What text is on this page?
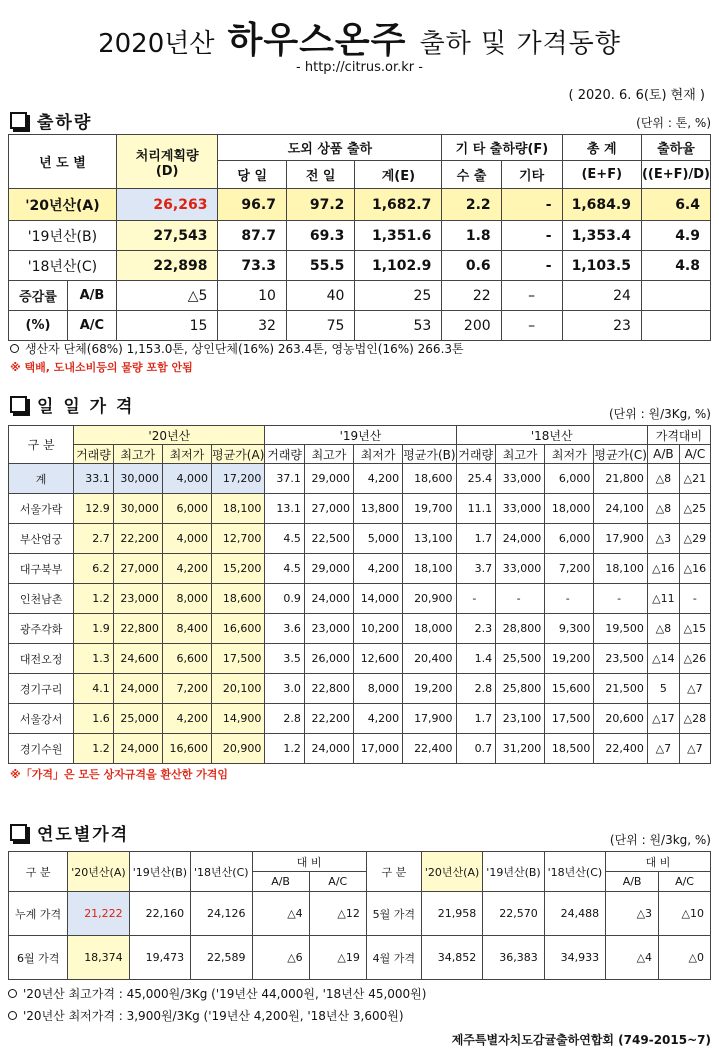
2020년산 하우스온주 출하 및 가격동향
- http://citrus.or.kr -
( 2020. 6. 6(토) 현재 )
출하량	(단위 : 톤, %)
년 도 별		처리계획량
(D)	도외 상품 출하			기 타 출하량(F)		총 계	출하율
			당 일	전 일	계(E)	수 출	기타	(E+F)	((E+F)/D)
'20년산(A)		26,263	96.7	97.2	1,682.7	2.2	-	1,684.9	6.4
'19년산(B)		27,543	87.7	69.3	1,351.6	1.8	-	1,353.4	4.9
'18년산(C)		22,898	73.3	55.5	1,102.9	0.6	-	1,103.5	4.8
증감률	A/B	△5	10	40	25	22	–	24	
(%)	A/C	15	32	75	53	200	–	23	
생산자 단체(68%) 1,153.0톤, 상인단체(16%) 263.4톤, 영농법인(16%) 266.3톤
※ 택배, 도내소비등의 물량 포함 안됨
일 일 가 격	(단위 : 원/3Kg, %)
구 분	'20년산				'19년산				'18년산				가격대비	
	거래량	최고가	최저가	평균가(A)	거래량	최고가	최저가	평균가(B)	거래량	최고가	최저가	평균가(C)	A/B	A/C
계	33.1	30,000	4,000	17,200	37.1	29,000	4,200	18,600	25.4	33,000	6,000	21,800	△8	△21
서울가락	12.9	30,000	6,000	18,100	13.1	27,000	13,800	19,700	11.1	33,000	18,000	24,100	△8	△25
부산엄궁	2.7	22,200	4,000	12,700	4.5	22,500	5,000	13,100	1.7	24,000	6,000	17,900	△3	△29
대구북부	6.2	27,000	4,200	15,200	4.5	29,000	4,200	18,100	3.7	33,000	7,200	18,100	△16	△16
인천남촌	1.2	23,000	8,000	18,600	0.9	24,000	14,000	20,900	-	-	-	-	△11	-
광주각화	1.9	22,800	8,400	16,600	3.6	23,000	10,200	18,000	2.3	28,800	9,300	19,500	△8	△15
대전오정	1.3	24,600	6,600	17,500	3.5	26,000	12,600	20,400	1.4	25,500	19,200	23,500	△14	△26
경기구리	4.1	24,000	7,200	20,100	3.0	22,800	8,000	19,200	2.8	25,800	15,600	21,500	5	△7
서울강서	1.6	25,000	4,200	14,900	2.8	22,200	4,200	17,900	1.7	23,100	17,500	20,600	△17	△28
경기수원	1.2	24,000	16,600	20,900	1.2	24,000	17,000	22,400	0.7	31,200	18,500	22,400	△7	△7
※「가격」은 모든 상자규격을 환산한 가격임
연도별가격	(단위 : 원/3kg, %)
구 분	'20년산(A)	'19년산(B)	'18년산(C)	대 비		구 분	'20년산(A)	'19년산(B)	'18년산(C)	대 비	
				A/B	A/C					A/B	A/C
누계 가격	21,222	22,160	24,126	△4	△12	5월 가격	21,958	22,570	24,488	△3	△10
6월 가격	18,374	19,473	22,589	△6	△19	4월 가격	34,852	36,383	34,933	△4	△0
'20년산 최고가격 : 45,000원/3Kg ('19년산 44,000원, '18년산 45,000원)
'20년산 최저가격 : 3,900원/3Kg ('19년산 4,200원, '18년산 3,600원)
제주특별자치도감귤출하연합회 (749-2015~7)
